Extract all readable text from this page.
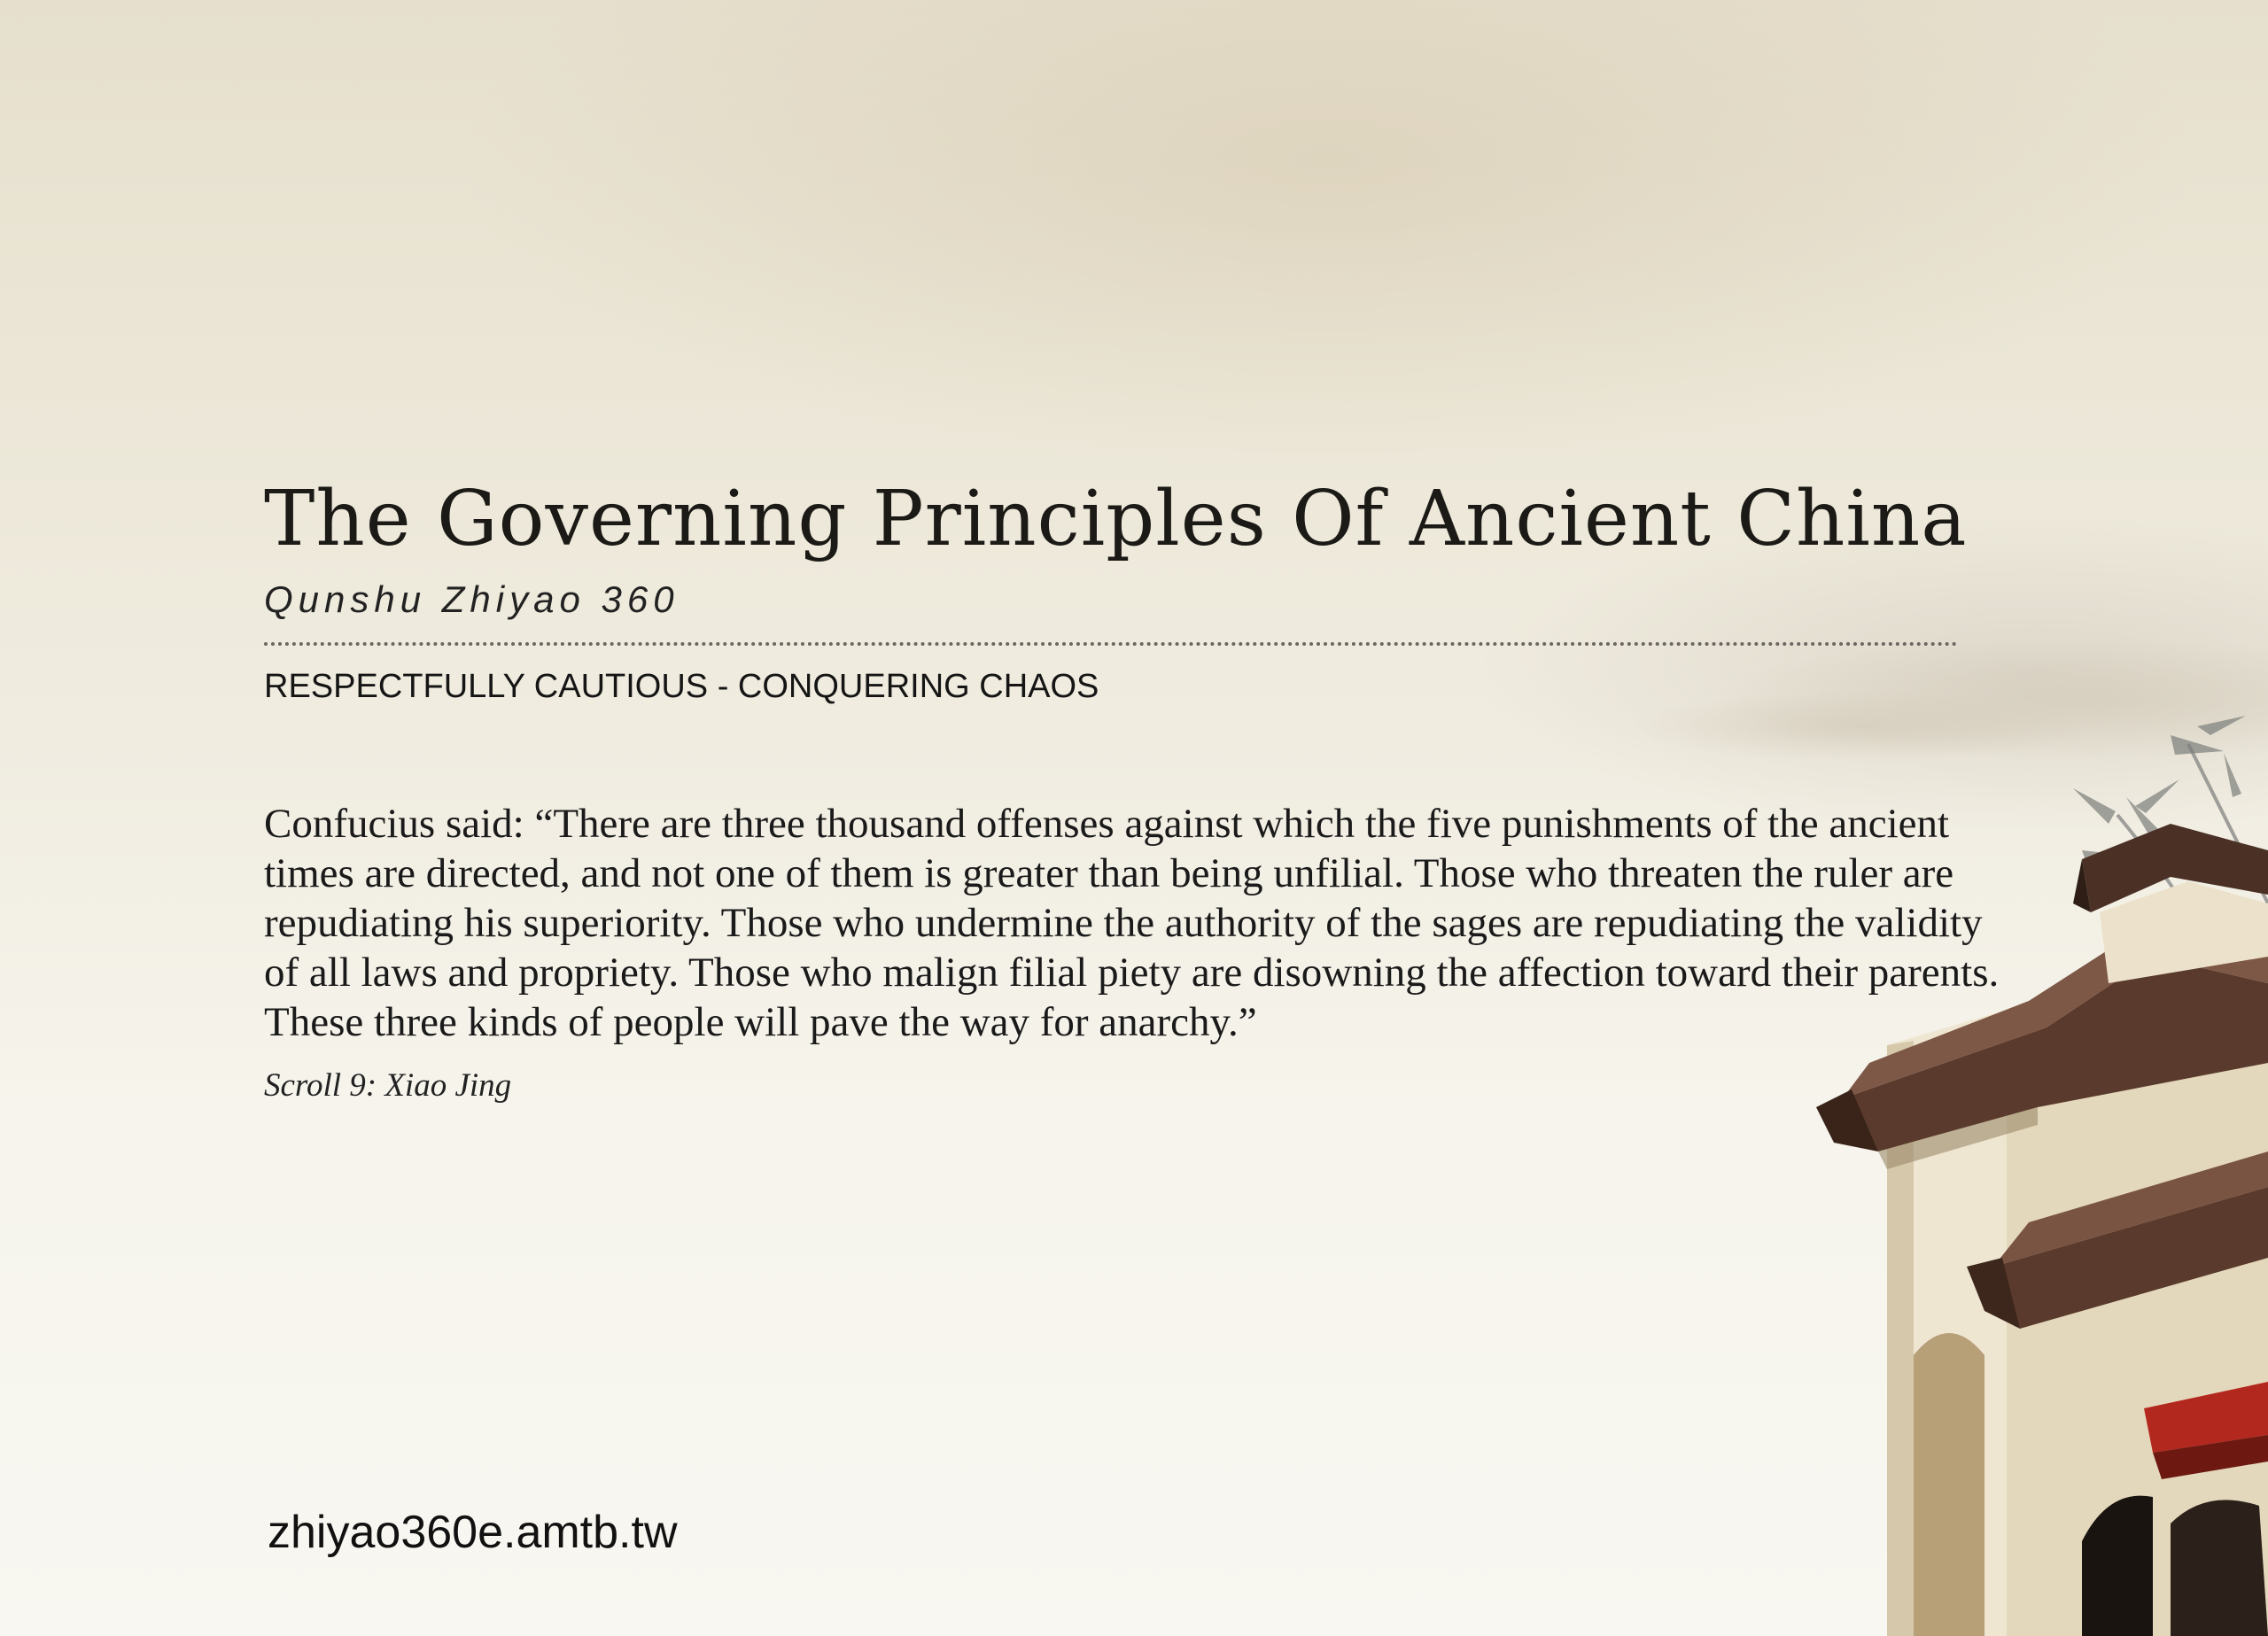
The Governing Principles Of Ancient China
Qunshu Zhiyao 360
RESPECTFULLY CAUTIOUS - CONQUERING CHAOS
Confucius said: “There are three thousand offenses against which the five punishments of the ancient times are directed, and not one of them is greater than being unfilial. Those who threaten the ruler are repudiating his superiority. Those who undermine the authority of the sages are repudiating the validity of all laws and propriety. Those who malign filial piety are disowning the affection toward their parents. These three kinds of people will pave the way for anarchy.”
Scroll 9: Xiao Jing
zhiyao360e.amtb.tw
